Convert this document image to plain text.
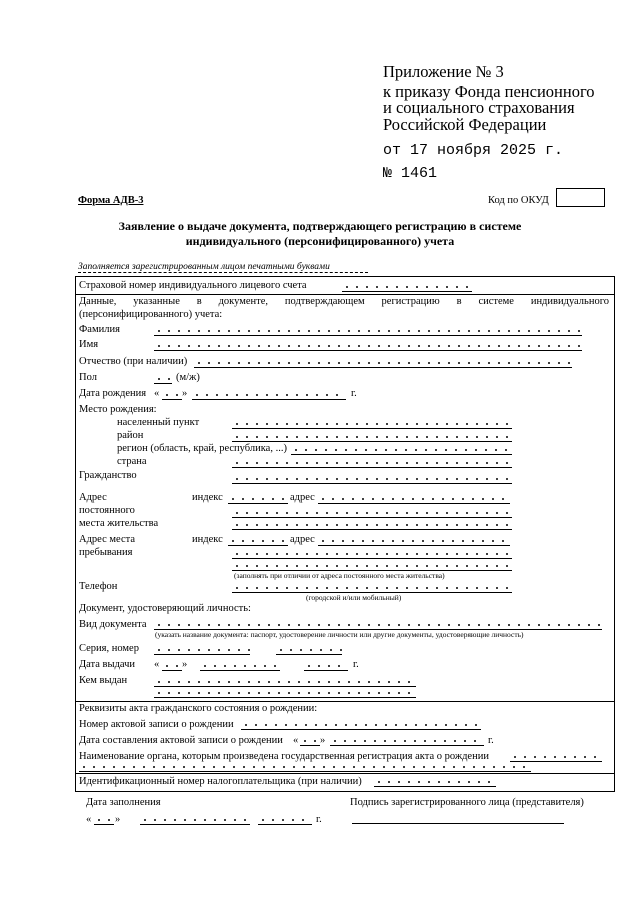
Приложение № 3
к приказу Фонда пенсионного
и социального страхования
Российской Федерации
от 17 ноября 2025 г.
№ 1461
Форма АДВ-3	Код по ОКУД
Заявление о выдаче документа, подтверждающего регистрацию в системе
индивидуального (персонифицированного) учета
Заполняется зарегистрированным лицом печатными буквами
Страховой номер индивидуального лицевого счета
Данные, указанные в документе, подтверждающем регистрацию в системе индивидуального
(персонифицированного) учета:
Фамилия
Имя
Отчество (при наличии)
Пол	(м/ж)
Дата рождения « »	г.
Место рождения:
населенный пункт
район
регион (область, край, республика, ...)
страна
Гражданство
Адрес
постоянного
места жительства
индекс	адрес
Адрес места
пребывания
индекс	адрес
(заполнять при отличии от адреса постоянного места жительства)
Телефон
(городской и/или мобильный)
Документ, удостоверяющий личность:
Вид документа
(указать название документа: паспорт, удостоверение личности или другие документы, удостоверяющие личность)
Серия, номер
Дата выдачи « »	г.
Кем выдан
Реквизиты акта гражданского состояния о рождении:
Номер актовой записи о рождении
Дата составления актовой записи о рождении « »	г.
Наименование органа, которым произведена государственная регистрация акта о рождении
Идентификационный номер налогоплательщика (при наличии)
Дата заполнения	Подпись зарегистрированного лица (представителя)
« »	г.
